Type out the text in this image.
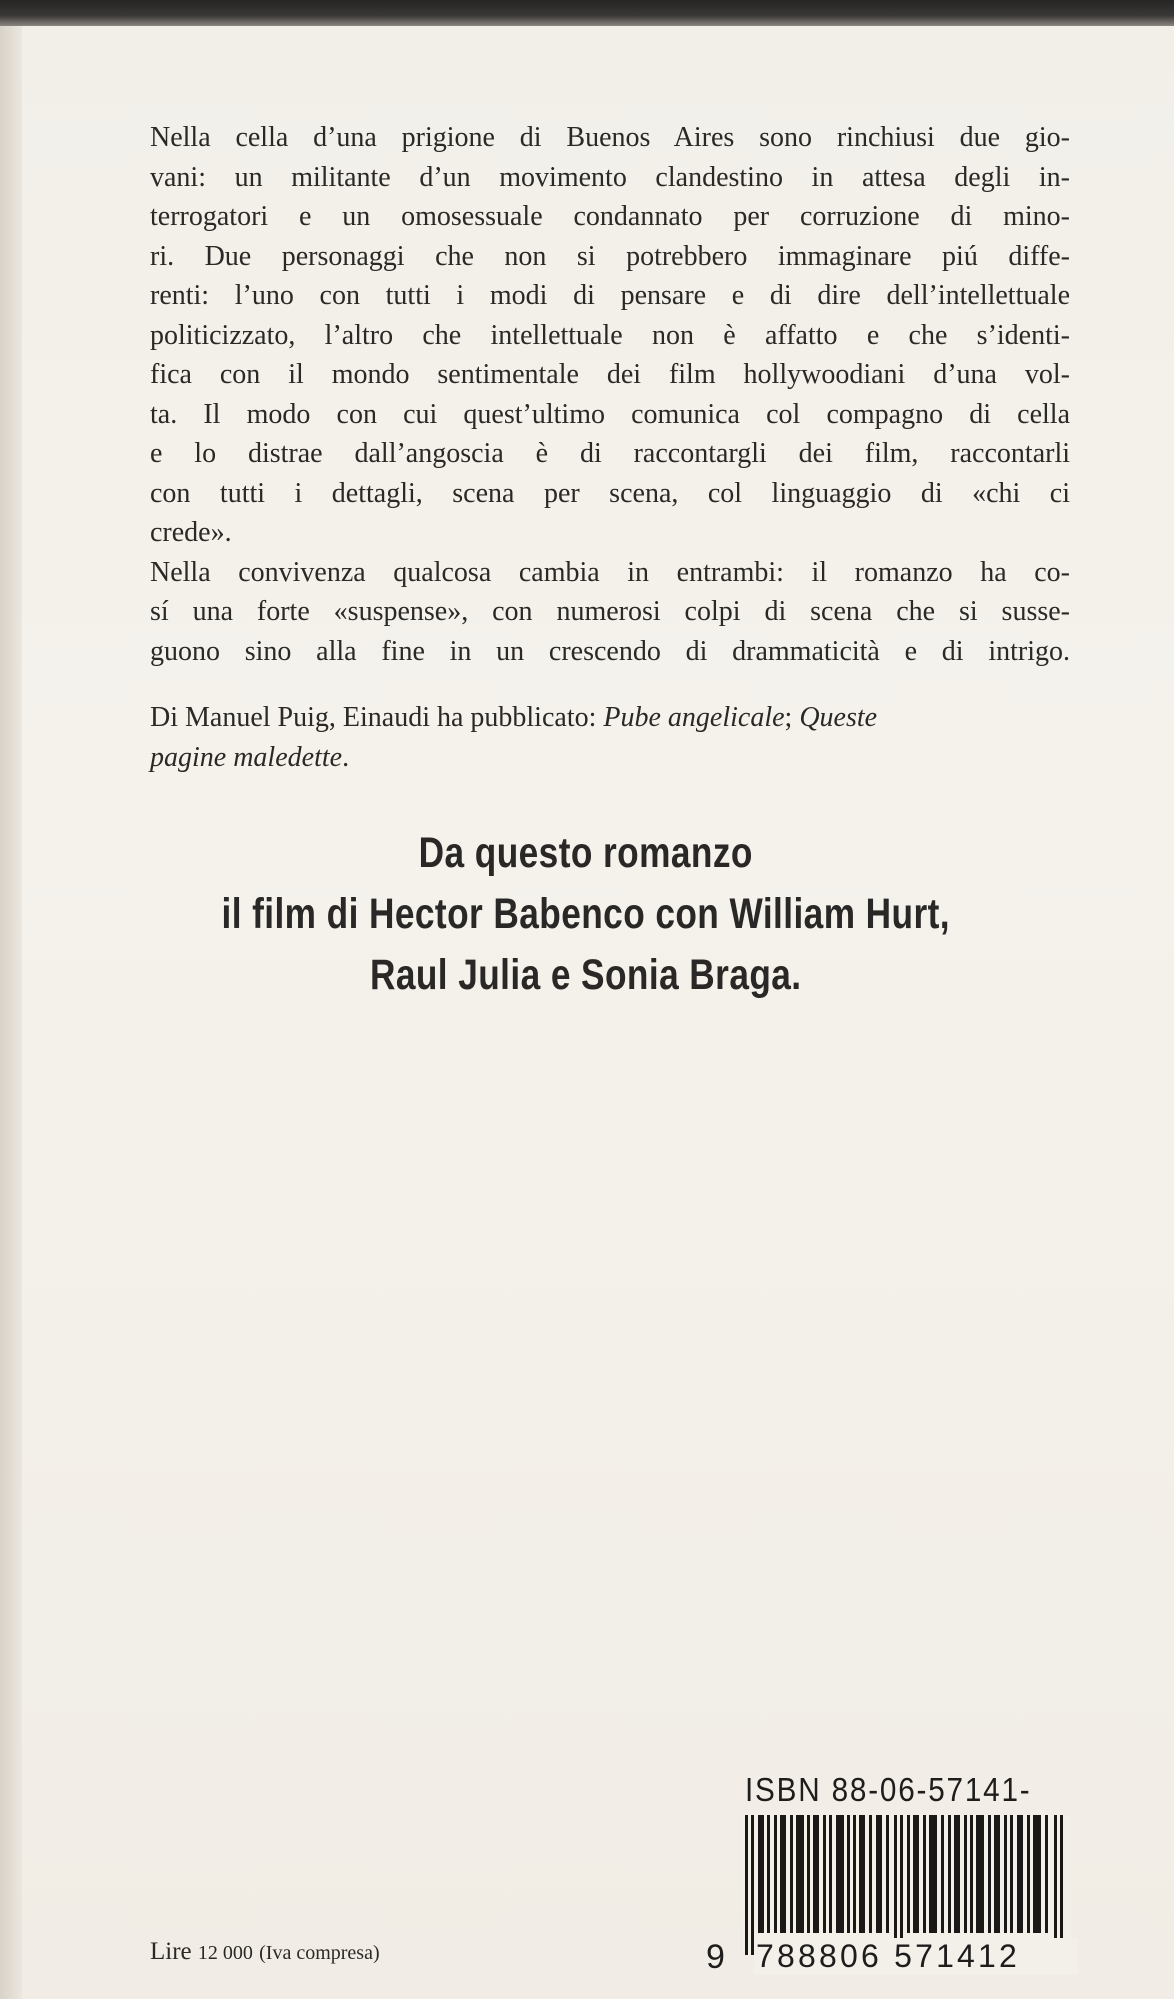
Nella cella d’una prigione di Buenos Aires sono rinchiusi due gio-
vani: un militante d’un movimento clandestino in attesa degli in-
terrogatori e un omosessuale condannato per corruzione di mino-
ri. Due personaggi che non si potrebbero immaginare piú diffe-
renti: l’uno con tutti i modi di pensare e di dire dell’intellettuale
politicizzato, l’altro che intellettuale non è affatto e che s’identi-
fica con il mondo sentimentale dei film hollywoodiani d’una vol-
ta. Il modo con cui quest’ultimo comunica col compagno di cella
e lo distrae dall’angoscia è di raccontargli dei film, raccontarli
con tutti i dettagli, scena per scena, col linguaggio di «chi ci
crede».

Nella convivenza qualcosa cambia in entrambi: il romanzo ha co-
sí una forte «suspense», con numerosi colpi di scena che si susse-
guono sino alla fine in un crescendo di drammaticità e di intrigo.

Di Manuel Puig, Einaudi ha pubblicato: Pube angelicale; Queste
pagine maledette.
Da questo romanzo
il film di Hector Babenco con William Hurt,
Raul Julia e Sonia Braga.
ISBN 88-06-57141-
9 788806 571412
Lire 12 000 (Iva compresa)
